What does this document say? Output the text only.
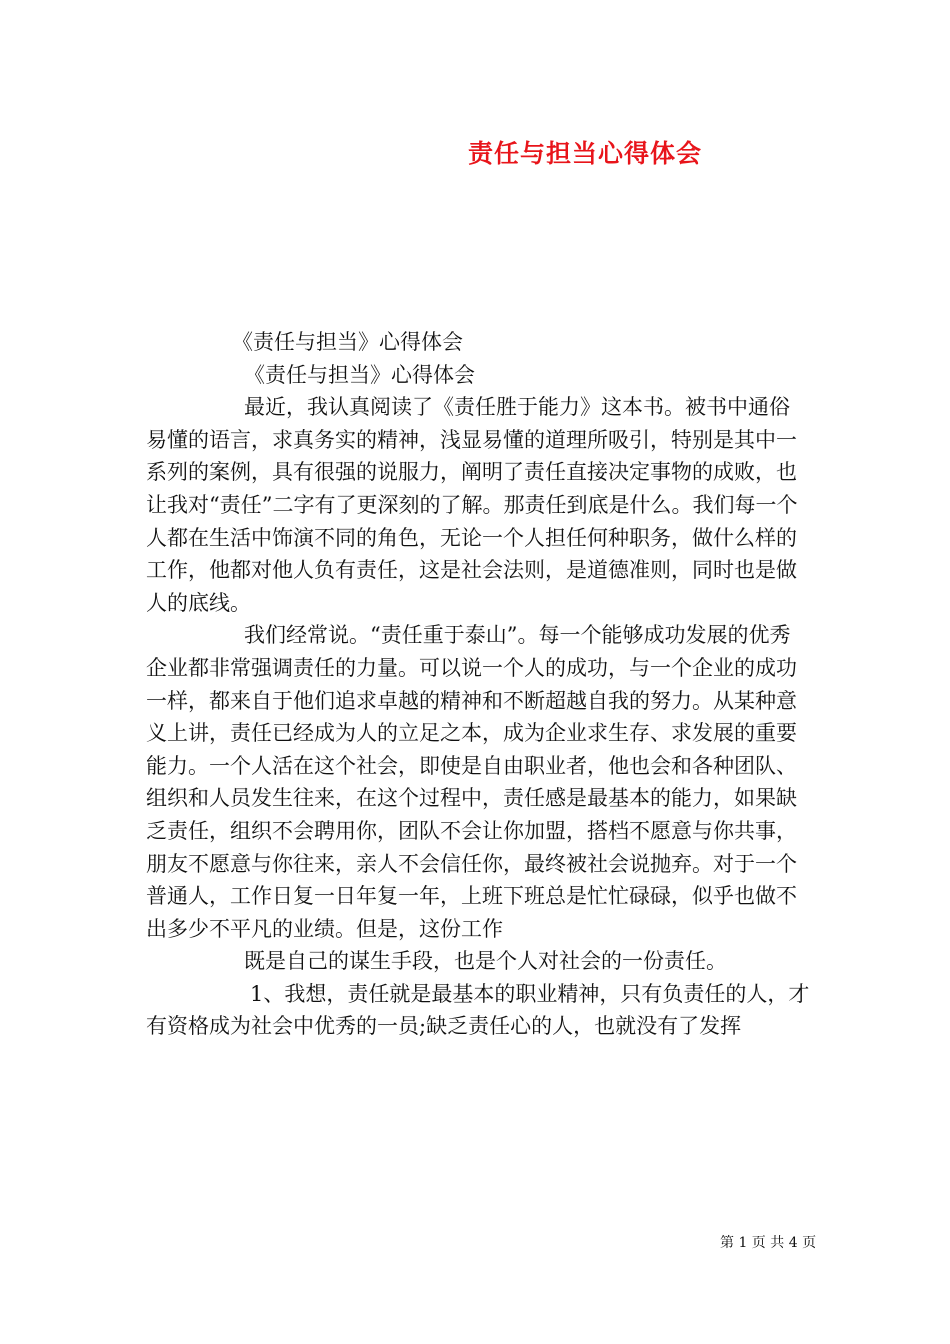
责任与担当心得体会

《责任与担当》心得体会

《责任与担当》心得体会

最近，我认真阅读了《责任胜于能力》这本书。被书中通俗易懂的语言，求真务实的精神，浅显易懂的道理所吸引，特别是其中一系列的案例，具有很强的说服力，阐明了责任直接决定事物的成败，也让我对“责任”二字有了更深刻的了解。那责任到底是什么。我们每一个人都在生活中饰演不同的角色，无论一个人担任何种职务，做什么样的工作，他都对他人负有责任，这是社会法则，是道德准则，同时也是做人的底线。

我们经常说。“责任重于泰山”。每一个能够成功发展的优秀企业都非常强调责任的力量。可以说一个人的成功，与一个企业的成功一样，都来自于他们追求卓越的精神和不断超越自我的努力。从某种意义上讲，责任已经成为人的立足之本，成为企业求生存、求发展的重要能力。一个人活在这个社会，即使是自由职业者，他也会和各种团队、组织和人员发生往来，在这个过程中，责任感是最基本的能力，如果缺乏责任，组织不会聘用你，团队不会让你加盟，搭档不愿意与你共事，朋友不愿意与你往来，亲人不会信任你，最终被社会说抛弃。对于一个普通人，工作日复一日年复一年，上班下班总是忙忙碌碌，似乎也做不出多少不平凡的业绩。但是，这份工作

既是自己的谋生手段，也是个人对社会的一份责任。

1、我想，责任就是最基本的职业精神，只有负责任的人，才有资格成为社会中优秀的一员;缺乏责任心的人，也就没有了发挥

第 1 页 共 4 页
